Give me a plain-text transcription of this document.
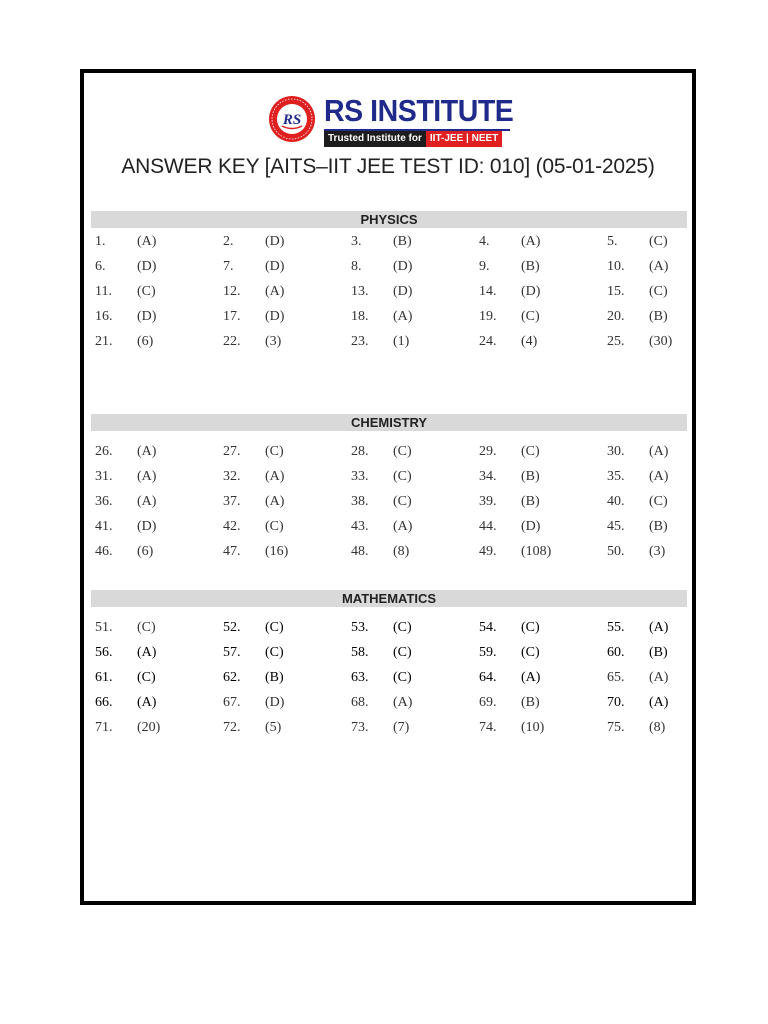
RS RS INSTITUTE
Trusted Institute for IIT-JEE | NEET
ANSWER KEY [AITS–IIT JEE TEST ID: 010] (05-01-2025)
PHYSICS
1. (A)	2. (D)	3. (B)	4. (A)	5. (C)
6. (D)	7. (D)	8. (D)	9. (B)	10. (A)
11. (C)	12. (A)	13. (D)	14. (D)	15. (C)
16. (D)	17. (D)	18. (A)	19. (C)	20. (B)
21. (6)	22. (3)	23. (1)	24. (4)	25. (30)
CHEMISTRY
26. (A)	27. (C)	28. (C)	29. (C)	30. (A)
31. (A)	32. (A)	33. (C)	34. (B)	35. (A)
36. (A)	37. (A)	38. (C)	39. (B)	40. (C)
41. (D)	42. (C)	43. (A)	44. (D)	45. (B)
46. (6)	47. (16)	48. (8)	49. (108)	50. (3)
MATHEMATICS
51. (C)	52. (C)	53. (C)	54. (C)	55. (A)
56. (A)	57. (C)	58. (C)	59. (C)	60. (B)
61. (C)	62. (B)	63. (C)	64. (A)	65. (A)
66. (A)	67. (D)	68. (A)	69. (B)	70. (A)
71. (20)	72. (5)	73. (7)	74. (10)	75. (8)
